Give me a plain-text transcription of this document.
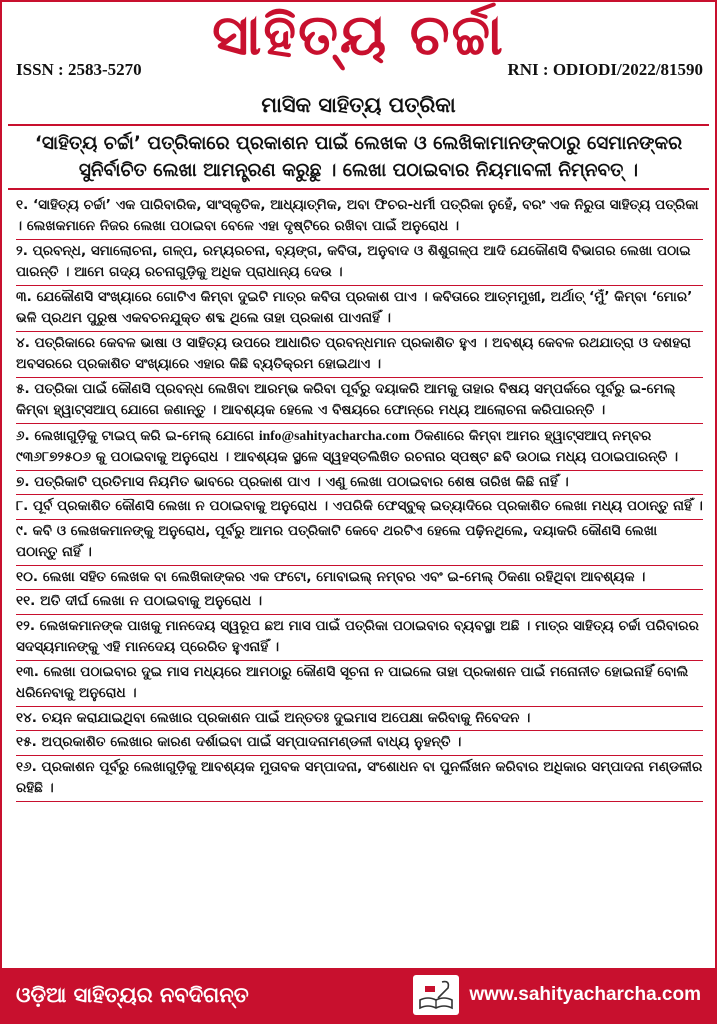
ସାହିତ୍ୟ ଚର୍ଚ୍ଚା
ISSN : 2583-5270	RNI : ODIODI/2022/81590
ମାସିକ ସାହିତ୍ୟ ପତ୍ରିକା
‘ସାହିତ୍ୟ ଚର୍ଚ୍ଚା’ ପତ୍ରିକାରେ ପ୍ରକାଶନ ପାଇଁ ଲେଖକ ଓ ଲେଖିକାମାନଙ୍କଠାରୁ ସେମାନଙ୍କର
ସୁନିର୍ବାଚିତ ଲେଖା ଆମନ୍ତ୍ରଣ କରୁଛୁ । ଲେଖା ପଠାଇବାର ନିୟମାବଳୀ ନିମ୍ନବତ୍ ।
୧. ‘ସାହିତ୍ୟ ଚର୍ଚ୍ଚା’ ଏକ ପାରିବାରିକ, ସାଂସ୍କୃତିକ, ଆଧ୍ୟାତ୍ମିକ, ଅବା ଫିଚର-ଧର୍ମୀ ପତ୍ରିକା ନୁହେଁ, ବରଂ ଏକ ନିରୁତା ସାହିତ୍ୟ ପତ୍ରିକା । ଲେଖକମାନେ ନିଜର ଲେଖା ପଠାଇବା ବେଳେ ଏହା ଦୃଷ୍ଟିରେ ରଖିବା ପାଇଁ ଅନୁରୋଧ ।
୨. ପ୍ରବନ୍ଧ, ସମାଲୋଚନା, ଗଳ୍ପ, ରମ୍ୟରଚନା, ବ୍ୟଙ୍ଗ, କବିତା, ଅନୁବାଦ ଓ ଶିଶୁଗଳ୍ପ ଆଦି ଯେକୌଣସି ବିଭାଗର ଲେଖା ପଠାଇ ପାରନ୍ତି । ଆମେ ଗଦ୍ୟ ରଚନାଗୁଡ଼ିକୁ ଅଧିକ ପ୍ରାଧାନ୍ୟ ଦେଉ ।
୩. ଯେକୌଣସି ସଂଖ୍ୟାରେ ଗୋଟିଏ କିମ୍ବା ଦୁଇଟି ମାତ୍ର କବିତା ପ୍ରକାଶ ପାଏ । କବିତାରେ ଆତ୍ମମୁଖୀ, ଅର୍ଥାତ୍ ‘ମୁଁ’ କିମ୍ବା ‘ମୋର’ ଭଳି ପ୍ରଥମ ପୁରୁଷ ଏକବଚନଯୁକ୍ତ ଶବ୍ଦ ଥିଲେ ତାହା ପ୍ରକାଶ ପାଏନାହିଁ ।
୪. ପତ୍ରିକାରେ କେବଳ ଭାଷା ଓ ସାହିତ୍ୟ ଉପରେ ଆଧାରିତ ପ୍ରବନ୍ଧମାନ ପ୍ରକାଶିତ ହୁଏ । ଅବଶ୍ୟ କେବଳ ରଥଯାତ୍ରା ଓ ଦଶହରା ଅବସରରେ ପ୍ରକାଶିତ ସଂଖ୍ୟାରେ ଏହାର କିଛି ବ୍ୟତିକ୍ରମ ହୋଇଥାଏ ।
୫. ପତ୍ରିକା ପାଇଁ କୌଣସି ପ୍ରବନ୍ଧ ଲେଖିବା ଆରମ୍ଭ କରିବା ପୂର୍ବରୁ ଦୟାକରି ଆମକୁ ତାହାର ବିଷୟ ସମ୍ପର୍କରେ ପୂର୍ବରୁ ଇ-ମେଲ୍ କିମ୍ବା ହ୍ୱାଟ୍ସଆପ୍ ଯୋଗେ ଜଣାନ୍ତୁ । ଆବଶ୍ୟକ ହେଲେ ଏ ବିଷୟରେ ଫୋନ୍‌ରେ ମଧ୍ୟ ଆଲୋଚନା କରିପାରନ୍ତି ।
୬. ଲେଖାଗୁଡ଼ିକୁ ଟାଇପ୍ କରି ଇ-ମେଲ୍ ଯୋଗେ info@sahityacharcha.com ଠିକଣାରେ କିମ୍ବା ଆମର ହ୍ୱାଟ୍ସଆପ୍ ନମ୍ବର ୯୩୬୮୭୨୫୦୬ କୁ ପଠାଇବାକୁ ଅନୁରୋଧ । ଆବଶ୍ୟକ ସ୍ଥଳେ ସ୍ୱହସ୍ତଲିଖିତ ରଚନାର ସ୍ପଷ୍ଟ ଛବି ଉଠାଇ ମଧ୍ୟ ପଠାଇପାରନ୍ତି ।
୭. ପତ୍ରିକାଟି ପ୍ରତିମାସ ନିୟମିତ ଭାବରେ ପ୍ରକାଶ ପାଏ । ଏଣୁ ଲେଖା ପଠାଇବାର ଶେଷ ତାରିଖ କିଛି ନାହିଁ ।
୮. ପୂର୍ବ ପ୍ରକାଶିତ କୌଣସି ଲେଖା ନ ପଠାଇବାକୁ ଅନୁରୋଧ । ଏପରିକି ଫେସ୍‌ବୁକ୍ ଇତ୍ୟାଦିରେ ପ୍ରକାଶିତ ଲେଖା ମଧ୍ୟ ପଠାନ୍ତୁ ନାହିଁ ।
୯. କବି ଓ ଲେଖକମାନଙ୍କୁ ଅନୁରୋଧ, ପୂର୍ବରୁ ଆମର ପତ୍ରିକାଟି କେବେ ଥରଟିଏ ହେଲେ ପଢ଼ିନଥିଲେ, ଦୟାକରି କୌଣସି ଲେଖା ପଠାନ୍ତୁ ନାହିଁ ।
୧୦. ଲେଖା ସହିତ ଲେଖକ ବା ଲେଖିକାଙ୍କର ଏକ ଫଟୋ, ମୋବାଇଲ୍ ନମ୍ବର ଏବଂ ଇ-ମେଲ୍ ଠିକଣା ରହିଥିବା ଆବଶ୍ୟକ ।
୧୧. ଅତି ଦୀର୍ଘ ଲେଖା ନ ପଠାଇବାକୁ ଅନୁରୋଧ ।
୧୨. ଲେଖକମାନଙ୍କ ପାଖକୁ ମାନଦେୟ ସ୍ୱରୂପ ଛଅ ମାସ ପାଇଁ ପତ୍ରିକା ପଠାଇବାର ବ୍ୟବସ୍ଥା ଅଛି । ମାତ୍ର ସାହିତ୍ୟ ଚର୍ଚ୍ଚା ପରିବାରର ସଦସ୍ୟମାନଙ୍କୁ ଏହି ମାନଦେୟ ପ୍ରେରିତ ହୁଏନାହିଁ ।
୧୩. ଲେଖା ପଠାଇବାର ଦୁଇ ମାସ ମଧ୍ୟରେ ଆମଠାରୁ କୌଣସି ସୂଚନା ନ ପାଇଲେ ତାହା ପ୍ରକାଶନ ପାଇଁ ମନୋନୀତ ହୋଇନାହିଁ ବୋଲି ଧରିନେବାକୁ ଅନୁରୋଧ ।
୧୪. ଚୟନ କରାଯାଇଥିବା ଲେଖାର ପ୍ରକାଶନ ପାଇଁ ଅନ୍ତତଃ ଦୁଇମାସ ଅପେକ୍ଷା କରିବାକୁ ନିବେଦନ ।
୧୫. ଅପ୍ରକାଶିତ ଲେଖାର କାରଣ ଦର୍ଶାଇବା ପାଇଁ ସମ୍ପାଦନାମଣ୍ଡଳୀ ବାଧ୍ୟ ନୁହନ୍ତି ।
୧୬. ପ୍ରକାଶନ ପୂର୍ବରୁ ଲେଖାଗୁଡ଼ିକୁ ଆବଶ୍ୟକ ମୁତାବକ ସମ୍ପାଦନା, ସଂଶୋଧନ ବା ପୁନର୍ଲିଖନ କରିବାର ଅଧିକାର ସମ୍ପାଦନା ମଣ୍ଡଳୀର ରହିଛି ।
ଓଡ଼ିଆ ସାହିତ୍ୟର ନବଦିଗନ୍ତ	www.sahityacharcha.com
